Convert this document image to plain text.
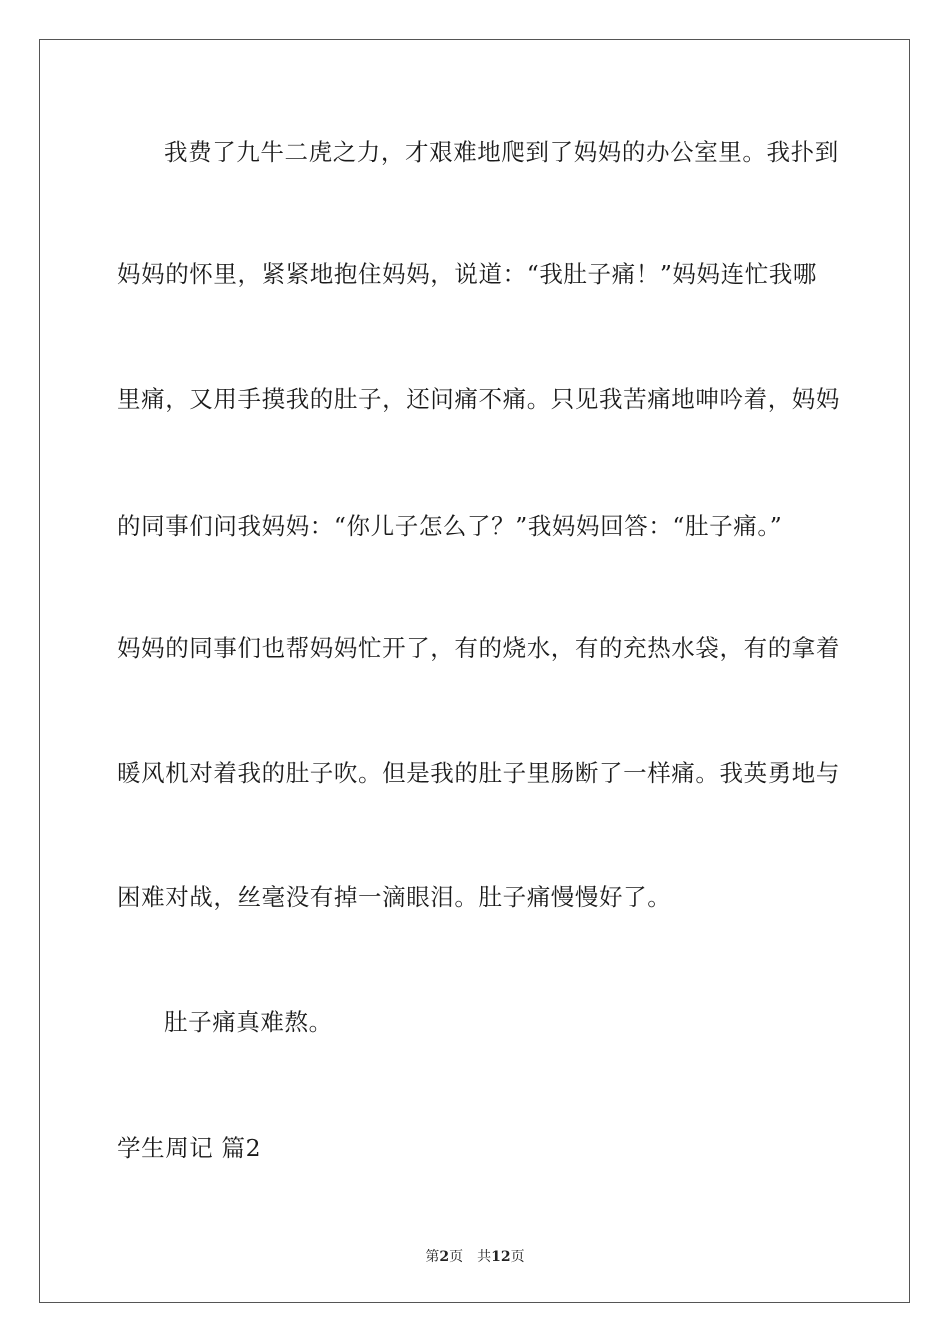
我费了九牛二虎之力，才艰难地爬到了妈妈的办公室里。我扑到
妈妈的怀里，紧紧地抱住妈妈，说道：“我肚子痛！”妈妈连忙我哪
里痛，又用手摸我的肚子，还问痛不痛。只见我苦痛地呻吟着，妈妈
的同事们问我妈妈：“你儿子怎么了？”我妈妈回答：“肚子痛。”
妈妈的同事们也帮妈妈忙开了，有的烧水，有的充热水袋，有的拿着
暖风机对着我的肚子吹。但是我的肚子里肠断了一样痛。我英勇地与
困难对战，丝毫没有掉一滴眼泪。肚子痛慢慢好了。
肚子痛真难熬。
学生周记 篇2
第2页 共12页
